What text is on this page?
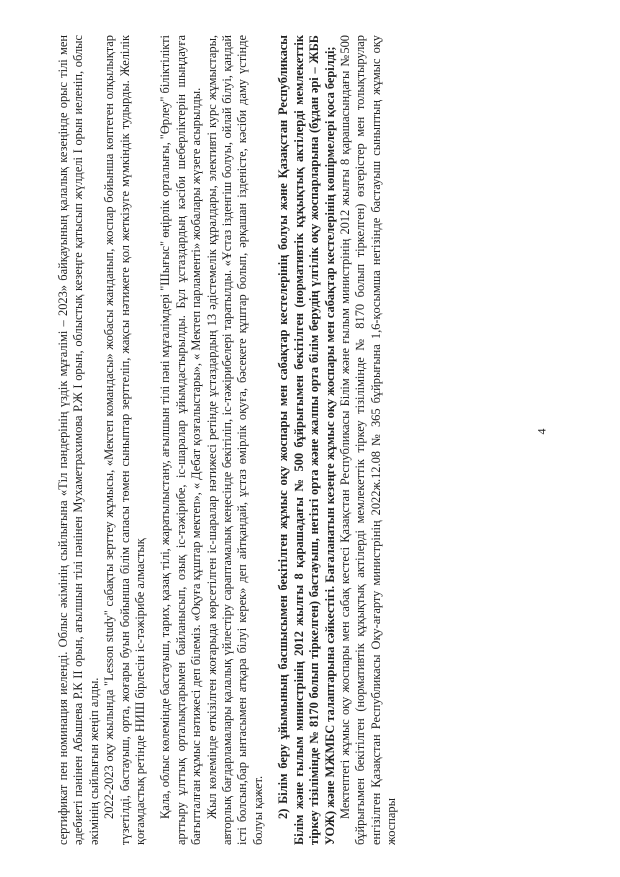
сертификат пен номинация иеленді. Облыс әкімінің сыйлығына «Тіл пәндерінің үздік мұғалімі – 2023» байқауының қалалық кезеңінде орыс тілі мен әдебиеті пәнінен Абышева Р.К ІІ орын, ағылшын тілі пәнінен Мухаметрахимова Р.Ж І орын, облыстық кезеңге қатысып жүлделі І орын иеленіп, облыс әкімінің сыйлығын жеңіп алды. 2022-2023 оқу жылында "Lesson study" сабақты зерттеу жұмысы, «Мектеп командасы» жобасы жанданып, жоспар бойынша көптеген олқылықтар түзетілді, бастауыш, орта, жоғары буын бойынша білім сапасы төмен сыныптар зерттеліп, жақсы нәтижеге қол жеткізуге мүмкіндік тудырды. Желілік қоғамдастық ретінде НИШ бірлесін іс-тәжірибе алмастық Қала, облыс көлемінде бастауыш, тарих, қазақ тілі, жаратылыстану, ағылшын тілі пәні мұғалімдері "Шығыс" өңірлік орталығы, "Өрлеу" біліктілікті арттыру ұлттық орталықтарымен байланысып, озық іс-тәжірибе, іс-шаралар ұйымдастырылды. Бұл ұстаздардың кәсіби шеберліктерін шыңдауға бағытталған жұмыс нәтижесі деп білеміз. «Оқуға құштар мектеп», « Дебат қозғалыстары», « Мектеп парламенті» жобалары жүзеге асырылды. Жыл көлемінде өткізілген жоғарыда көрсетілген іс-шаралар нәтижесі ретінде ұстаздардың 13 әдістемелік құралдары, элективті курс жұмыстары, авторлық бағдарламалары қалалық үйлестіру сараптамалық кеңесінде бекітіліп, іс-тәжірибелері таратылды. «Ұстаз ізденгіш болуы, ойлай білуі, қандай істі болсын,бар ынтасымен атқара білуі керек» деп айтқандай, ұстаз өмірлік оқуға, бәсекеге құштар болып, әрқашан ізденісте, кәсіби даму үстінде болуы қажет. 2) Білім беру ұйымының басшысымен бекітілген жұмыс оқу жоспары мен сабақтар кестелерінің болуы және Қазақстан Республикасы Білім және ғылым министрінің 2012 жылғы 8 қарашадағы № 500 бұйрығымен бекітілген (нормативтік құқықтық актілерді мемлекеттік тіркеу тізілімінде № 8170 болып тіркелген) бастауыш, негізгі орта және жалпы орта білім берудің үлгілік оқу жоспарларына (бұдан әрі – ЖББ УОЖ) және МЖМБС талаптарына сәйкестігі. Бағаланатын кезеңге жұмыс оқу жоспары мен сабақтар кестелерінің көшірмелері қоса берілді; Мектептегі жұмыс оқу жоспары мен сабақ кестесі Қазақстан Республикасы Білім және ғылым министрінің 2012 жылғы 8 қарашасындағы №500 бұйрығымен бекітілген (нормативтік құқықтық актілерді мемлекеттік тіркеу тізілімінде № 8170 болып тіркелген) өзгерістер мен толықтырулар енгізілген Қазақстан Республикасы Оқу-ағарту министрінің 2022ж.12.08 № 365 бұйрығына 1,6-қосымша негізінде бастауыш сыныптың жұмыс оқу жоспары

4
